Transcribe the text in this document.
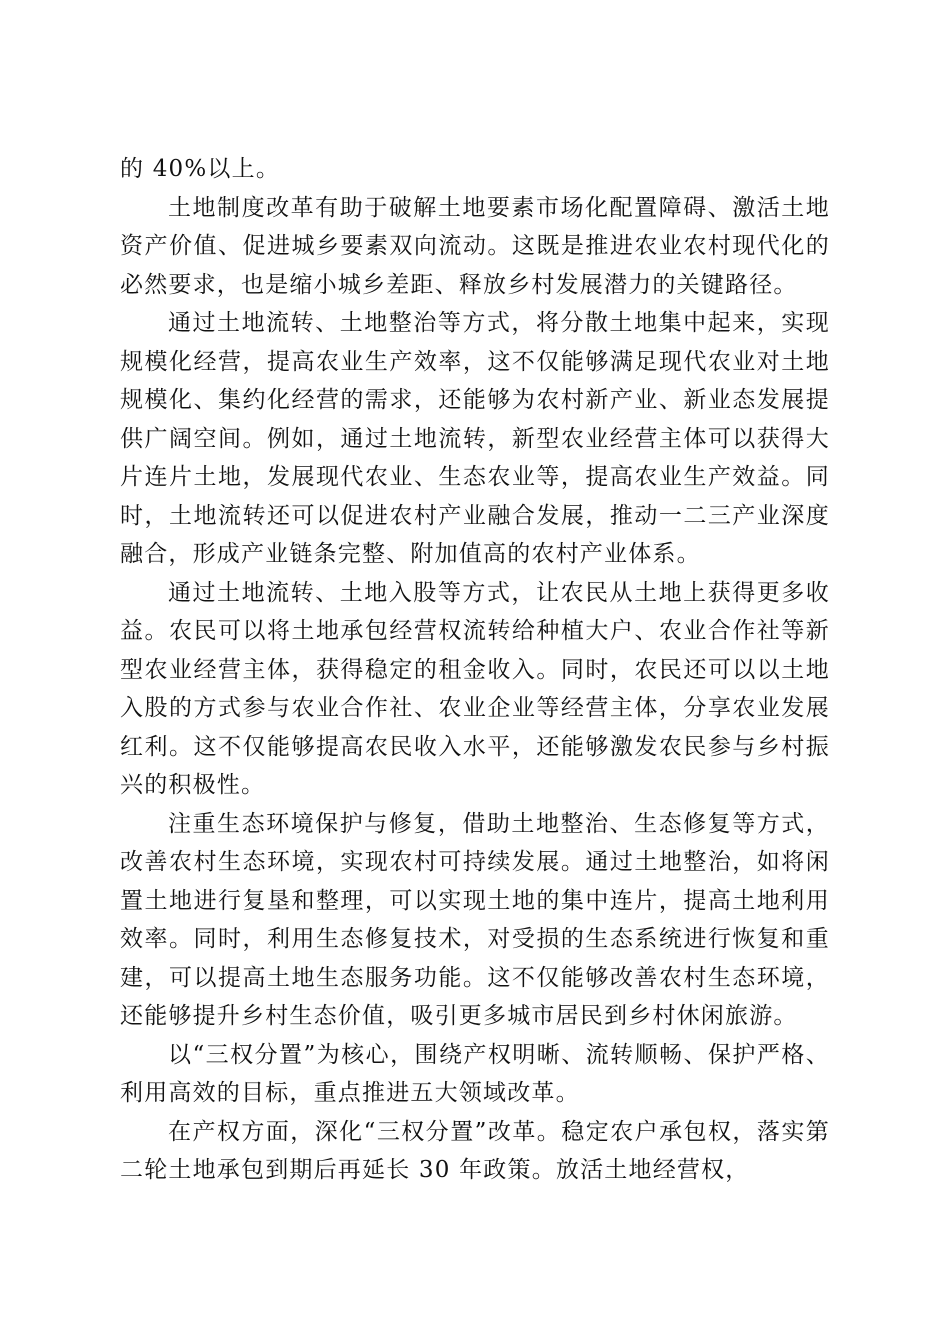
的 40%以上。

土地制度改革有助于破解土地要素市场化配置障碍、激活土地资产价值、促进城乡要素双向流动。这既是推进农业农村现代化的必然要求，也是缩小城乡差距、释放乡村发展潜力的关键路径。

通过土地流转、土地整治等方式，将分散土地集中起来，实现规模化经营，提高农业生产效率，这不仅能够满足现代农业对土地规模化、集约化经营的需求，还能够为农村新产业、新业态发展提供广阔空间。例如，通过土地流转，新型农业经营主体可以获得大片连片土地，发展现代农业、生态农业等，提高农业生产效益。同时，土地流转还可以促进农村产业融合发展，推动一二三产业深度融合，形成产业链条完整、附加值高的农村产业体系。

通过土地流转、土地入股等方式，让农民从土地上获得更多收益。农民可以将土地承包经营权流转给种植大户、农业合作社等新型农业经营主体，获得稳定的租金收入。同时，农民还可以以土地入股的方式参与农业合作社、农业企业等经营主体，分享农业发展红利。这不仅能够提高农民收入水平，还能够激发农民参与乡村振兴的积极性。

注重生态环境保护与修复，借助土地整治、生态修复等方式，改善农村生态环境，实现农村可持续发展。通过土地整治，如将闲置土地进行复垦和整理，可以实现土地的集中连片，提高土地利用效率。同时，利用生态修复技术，对受损的生态系统进行恢复和重建，可以提高土地生态服务功能。这不仅能够改善农村生态环境，还能够提升乡村生态价值，吸引更多城市居民到乡村休闲旅游。

以“三权分置”为核心，围绕产权明晰、流转顺畅、保护严格、利用高效的目标，重点推进五大领域改革。

在产权方面，深化“三权分置”改革。稳定农户承包权，落实第二轮土地承包到期后再延长 30 年政策。放活土地经营权，
